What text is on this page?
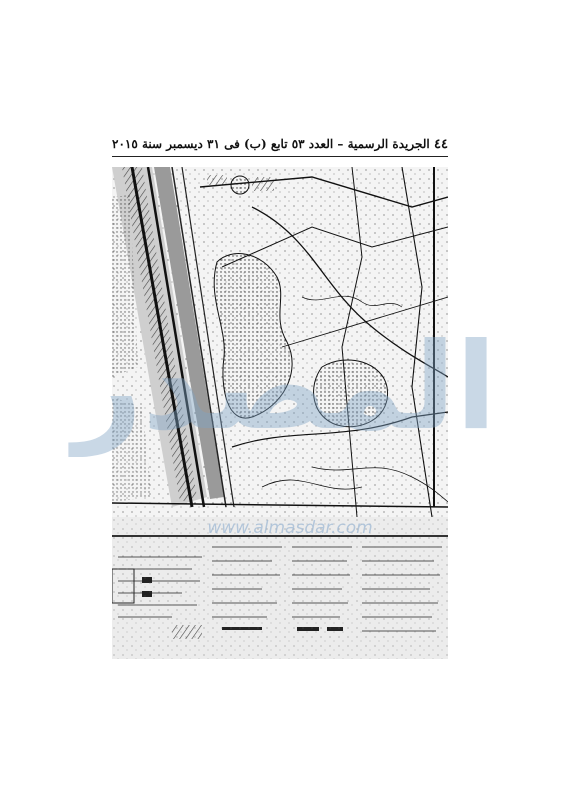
٤٤
الجريدة الرسمية – العدد ٥٣ تابع (ب) فى ٣١ ديسمبر سنة ٢٠١٥
المصدر
www.almasdar.com
